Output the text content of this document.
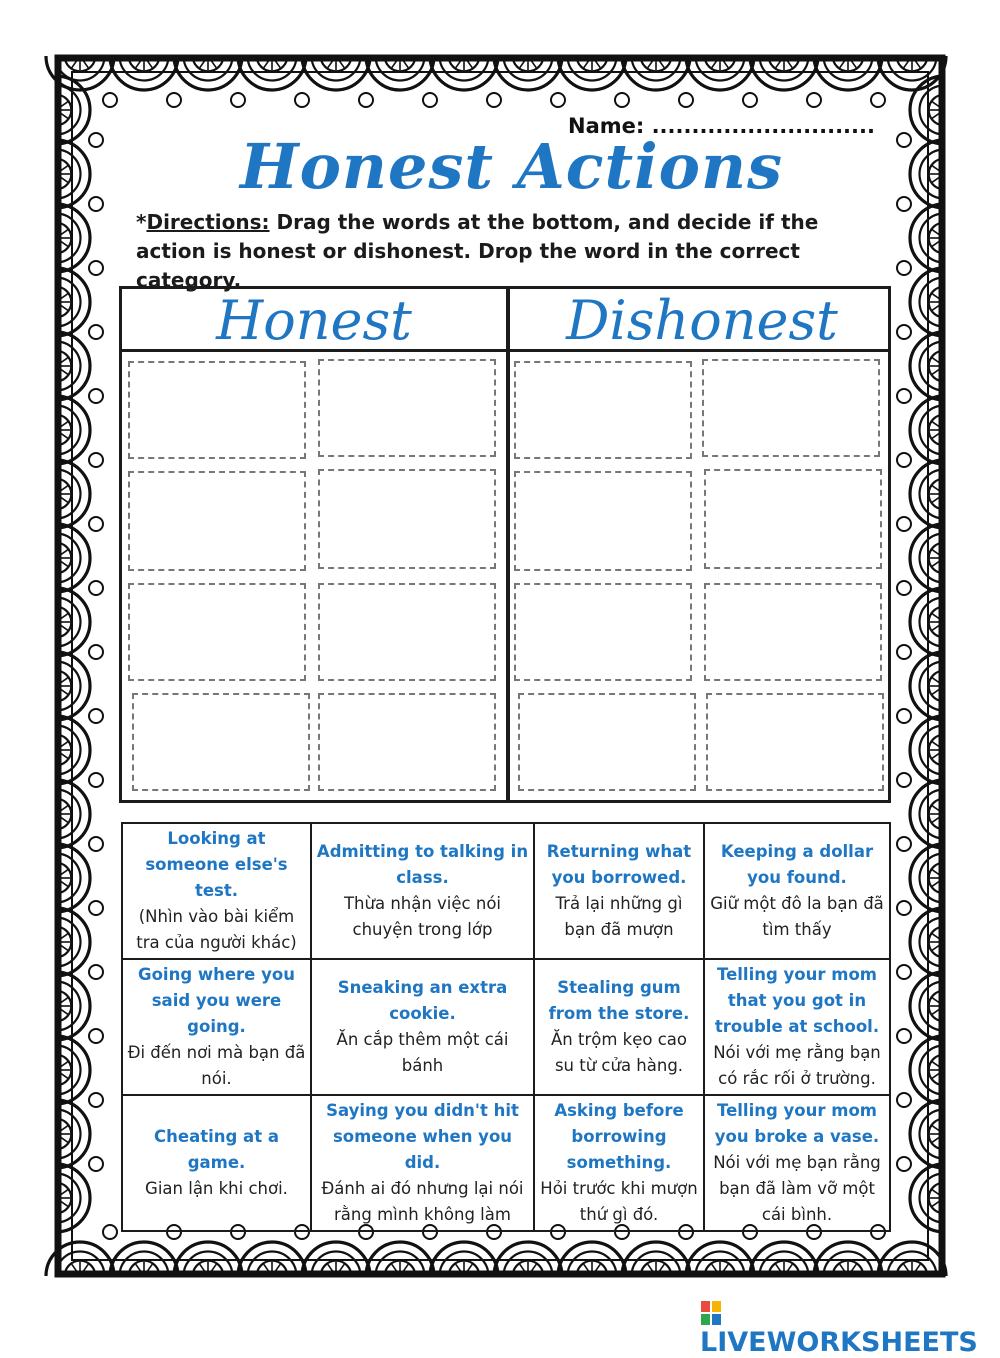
Name: ............................
Honest Actions
*Directions: Drag the words at the bottom, and decide if the action is honest or dishonest. Drop the word in the correct category.
Honest	Dishonest
Looking at someone else's test.
(Nhìn vào bài kiểm tra của người khác)	Admitting to talking in class.
Thừa nhận việc nói chuyện trong lớp	Returning what you borrowed.
Trả lại những gì bạn đã mượn	Keeping a dollar you found.
Giữ một đô la bạn đã tìm thấy

Going where you said you were going.
Đi đến nơi mà bạn đã nói.	Sneaking an extra cookie.
Ăn cắp thêm một cái bánh	Stealing gum from the store.
Ăn trộm kẹo cao su từ cửa hàng.	Telling your mom that you got in trouble at school.
Nói với mẹ rằng bạn có rắc rối ở trường.

Cheating at a game.
Gian lận khi chơi.	Saying you didn't hit someone when you did.
Đánh ai đó nhưng lại nói rằng mình không làm	Asking before borrowing something.
Hỏi trước khi mượn thứ gì đó.	Telling your mom you broke a vase.
Nói với mẹ bạn rằng bạn đã làm vỡ một cái bình.
LIVEWORKSHEETS
